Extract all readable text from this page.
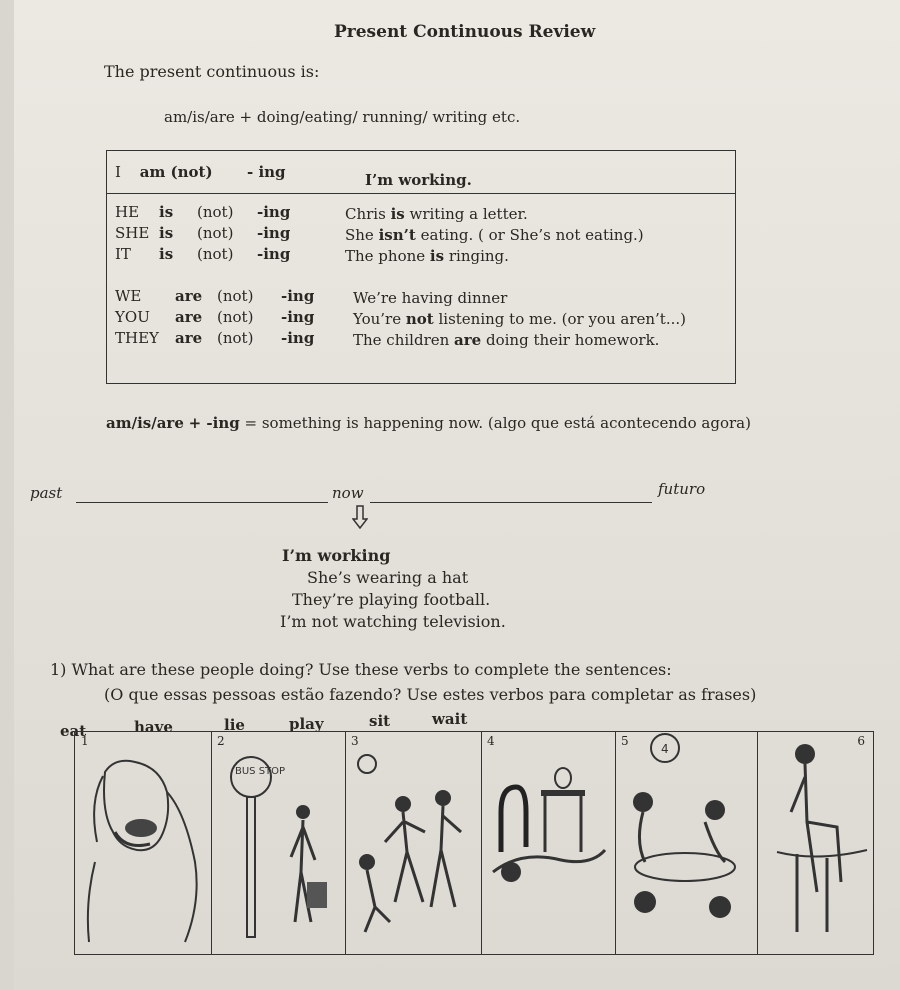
Present Continuous Review
The present continuous is:
am/is/are + doing/eating/ running/ writing etc.
I am (not) - ing	I’m working.
HE is (not) -ing	Chris is writing a letter.
SHE is (not) -ing	She isn’t eating. ( or She’s not eating.)
IT is (not) -ing	The phone is ringing.
WE are (not) -ing	We’re having dinner
YOU are (not) -ing	You’re not listening to me. (or you aren’t...)
THEY are (not) -ing	The children are doing their homework.
am/is/are + -ing = something is happening now. (algo que está acontecendo agora)
past	now	futuro
I’m working
She’s wearing a hat
They’re playing football.
I’m not watching television.
1) What are these people doing? Use these verbs to complete the sentences:
(O que essas pessoas estão fazendo? Use estes verbos para completar as frases)
eat	have	lie	play	sit	wait
1	2
BUS STOP
3	4	5
4
6
